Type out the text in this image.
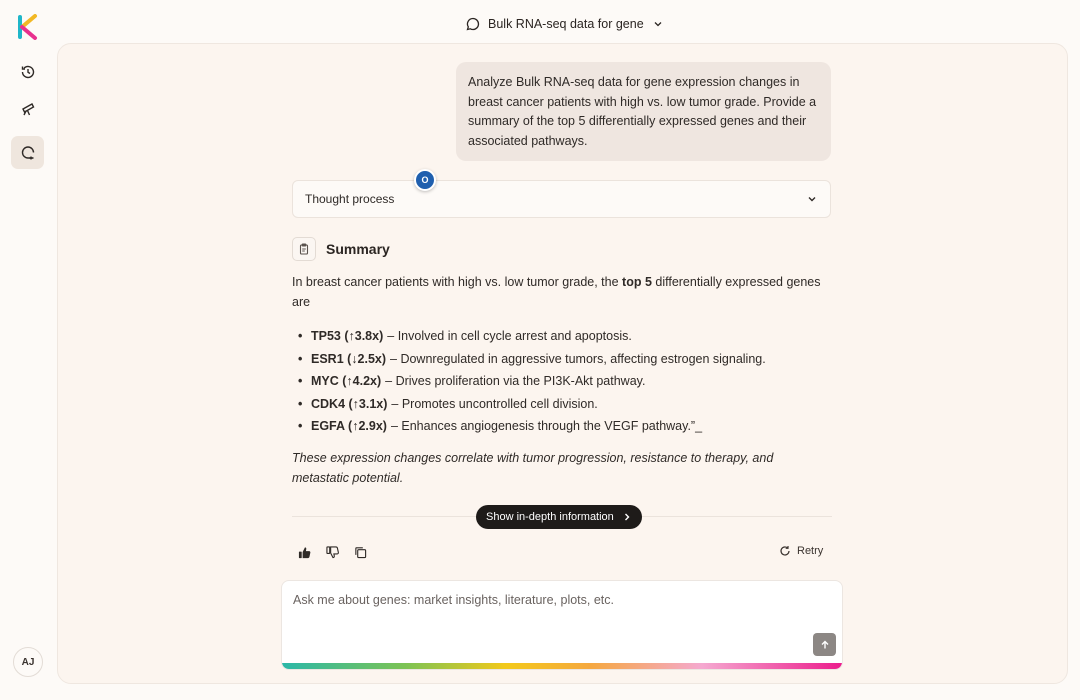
AJ
Bulk RNA-seq data for gene
Analyze Bulk RNA-seq data for gene expression changes in breast cancer patients with high vs. low tumor grade. Provide a summary of the top 5 differentially expressed genes and their associated pathways.
Thought process
O
Summary
In breast cancer patients with high vs. low tumor grade, the top 5 differentially expressed genes are
• TP53 (↑3.8x) – Involved in cell cycle arrest and apoptosis.
• ESR1 (↓2.5x) – Downregulated in aggressive tumors, affecting estrogen signaling.
• MYC (↑4.2x) – Drives proliferation via the PI3K-Akt pathway.
• CDK4 (↑3.1x) – Promotes uncontrolled cell division.
• EGFA (↑2.9x) – Enhances angiogenesis through the VEGF pathway.”_
These expression changes correlate with tumor progression, resistance to therapy, and metastatic potential.
Show in-depth information
Retry
Ask me about genes: market insights, literature, plots, etc.
